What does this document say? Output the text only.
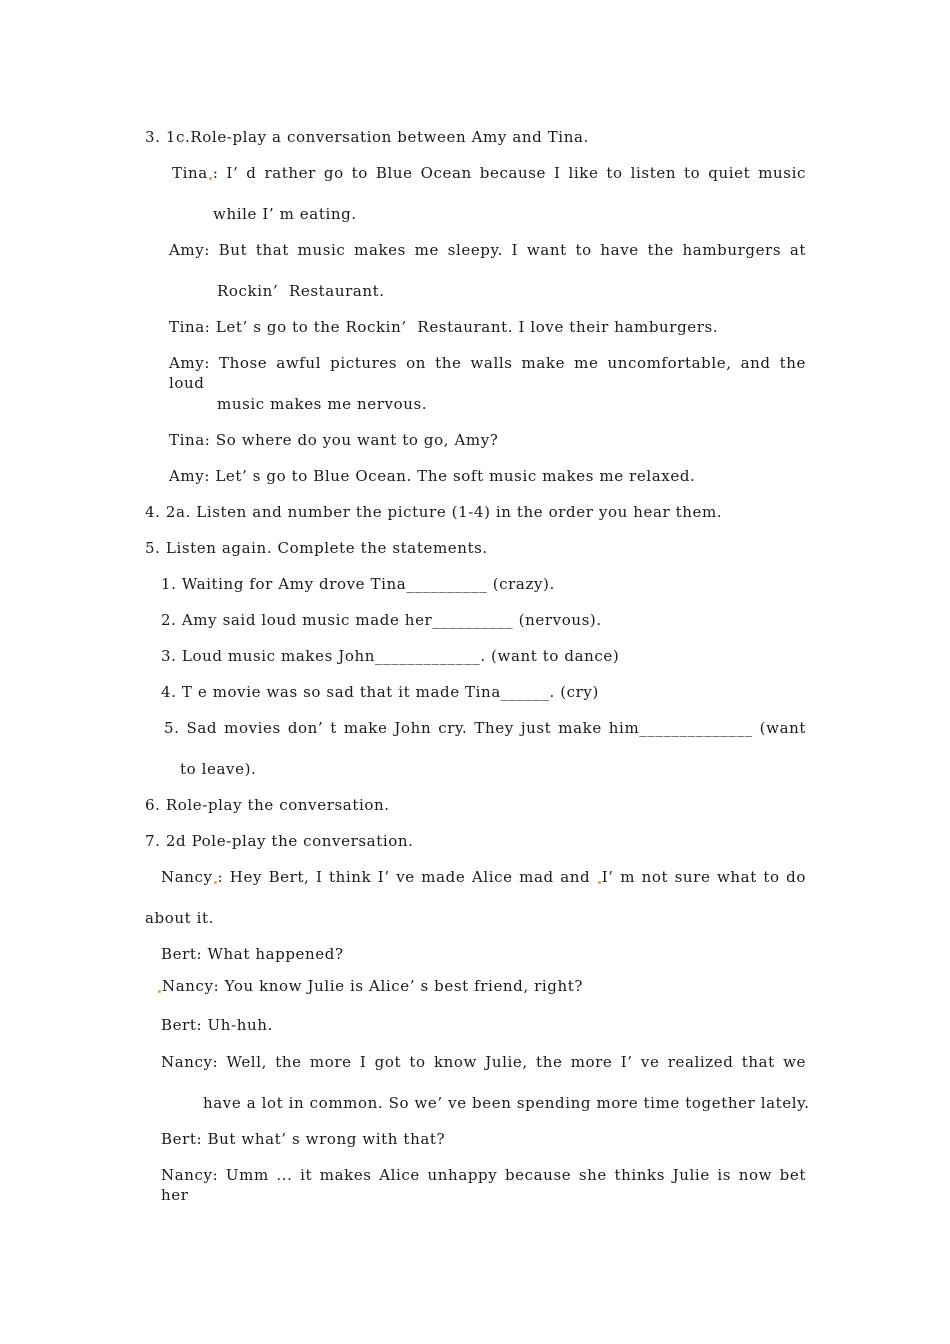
3. 1c.Role-play a conversation between Amy and Tina.
Tina : I’ d rather go to Blue Ocean because I like to listen to quiet music
while I’ m eating.
Amy: But that music makes me sleepy. I want to have the hamburgers at
Rockin’  Restaurant.
Tina: Let’ s go to the Rockin’  Restaurant. I love their hamburgers.
Amy: Those awful pictures on the walls make me uncomfortable, and the loud
music makes me nervous.
Tina: So where do you want to go, Amy?
Amy: Let’ s go to Blue Ocean. The soft music makes me relaxed.
4. 2a. Listen and number the picture (1-4) in the order you hear them.
5. Listen again. Complete the statements.
1. Waiting for Amy drove Tina__________ (crazy).
2. Amy said loud music made her__________ (nervous).
3. Loud music makes John_____________. (want to dance)
4. T e movie was so sad that it made Tina______. (cry)
5. Sad movies don’ t make John cry. They just make him______________ (want
to leave).
6. Role-play the conversation.
7. 2d Pole-play the conversation.
Nancy : Hey Bert, I think I’ ve made Alice mad and I’ m not sure what to do
about it.
Bert: What happened?
Nancy: You know Julie is Alice’ s best friend, right?
Bert: Uh-huh.
Nancy: Well, the more I got to know Julie, the more I’ ve realized that we
have a lot in common. So we’ ve been spending more time together lately.
Bert: But what’ s wrong with that?
Nancy: Umm ... it makes Alice unhappy because she thinks Julie is now bet her
